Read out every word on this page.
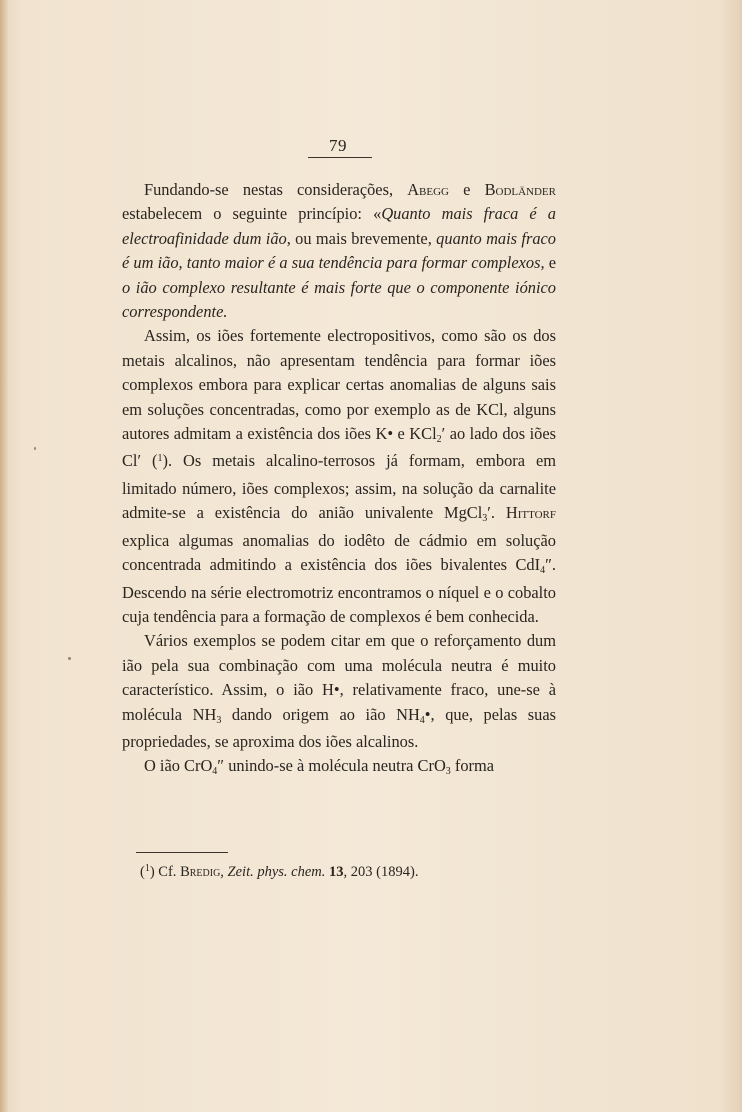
79

Fundando-se nestas considerações, Abegg e Bodländer estabelecem o seguinte princípio: «Quanto mais fraca é a electroafinidade dum ião, ou mais brevemente, quanto mais fraco é um ião, tanto maior é a sua tendência para formar complexos, e o ião complexo resultante é mais forte que o componente iónico correspondente.

Assim, os iões fortemente electropositivos, como são os dos metais alcalinos, não apresentam tendência para formar iões complexos embora para explicar certas anomalias de alguns sais em soluções concentradas, como por exemplo as de KCl, alguns autores admitam a existência dos iões K• e KCl2′ ao lado dos iões Cl′ ($^1$). Os metais alcalino-terrosos já formam, embora em limitado número, iões complexos; assim, na solução da carnalite admite-se a existência do anião univalente MgCl3′. Hittorf explica algumas anomalias do iodêto de cádmio em solução concentrada admitindo a existência dos iões bivalentes CdI4″. Descendo na série electromotriz encontramos o níquel e o cobalto cuja tendência para a formação de complexos é bem conhecida.

Vários exemplos se podem citar em que o reforçamento dum ião pela sua combinação com uma molécula neutra é muito característico. Assim, o ião H•, relativamente fraco, une-se à molécula NH3 dando origem ao ião NH4•, que, pelas suas propriedades, se aproxima dos iões alcalinos.

O ião CrO4″ unindo-se à molécula neutra CrO3 forma

($^1$) Cf. Bredig, Zeit. phys. chem. 13, 203 (1894).
